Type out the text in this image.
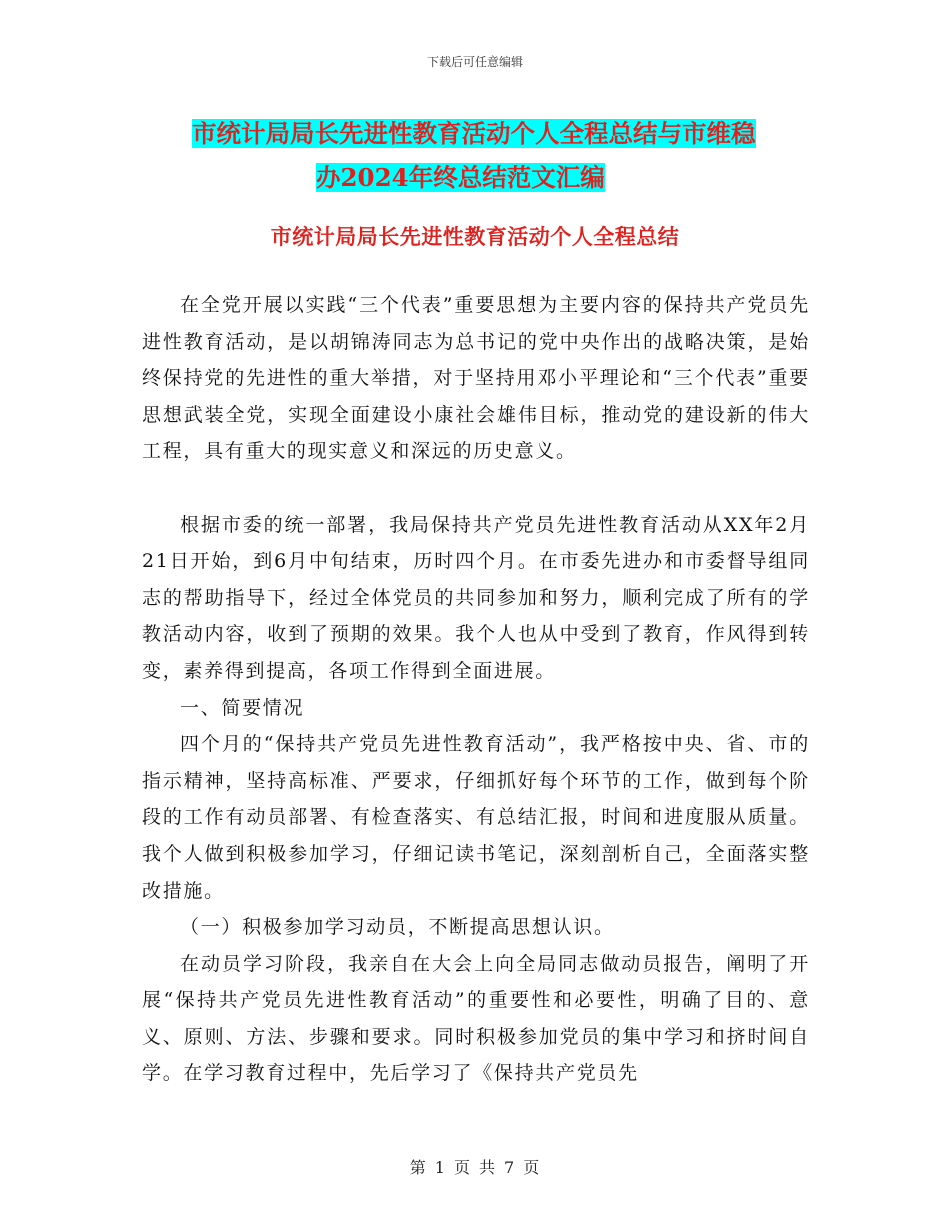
下载后可任意编辑
市统计局局长先进性教育活动个人全程总结与市维稳
办2024年终总结范文汇编
市统计局局长先进性教育活动个人全程总结

在全党开展以实践“三个代表”重要思想为主要内容的保持共产党员先进性教育活动，是以胡锦涛同志为总书记的党中央作出的战略决策，是始终保持党的先进性的重大举措，对于坚持用邓小平理论和“三个代表”重要思想武装全党，实现全面建设小康社会雄伟目标，推动党的建设新的伟大工程，具有重大的现实意义和深远的历史意义。

根据市委的统一部署，我局保持共产党员先进性教育活动从XX年2月21日开始，到6月中旬结束，历时四个月。在市委先进办和市委督导组同志的帮助指导下，经过全体党员的共同参加和努力，顺利完成了所有的学教活动内容，收到了预期的效果。我个人也从中受到了教育，作风得到转变，素养得到提高，各项工作得到全面进展。

一、简要情况

四个月的“保持共产党员先进性教育活动”，我严格按中央、省、市的指示精神，坚持高标准、严要求，仔细抓好每个环节的工作，做到每个阶段的工作有动员部署、有检查落实、有总结汇报，时间和进度服从质量。我个人做到积极参加学习，仔细记读书笔记，深刻剖析自己，全面落实整改措施。

（一）积极参加学习动员，不断提高思想认识。

在动员学习阶段，我亲自在大会上向全局同志做动员报告，阐明了开展“保持共产党员先进性教育活动”的重要性和必要性，明确了目的、意义、原则、方法、步骤和要求。同时积极参加党员的集中学习和挤时间自学。在学习教育过程中，先后学习了《保持共产党员先

第 1 页 共 7 页
